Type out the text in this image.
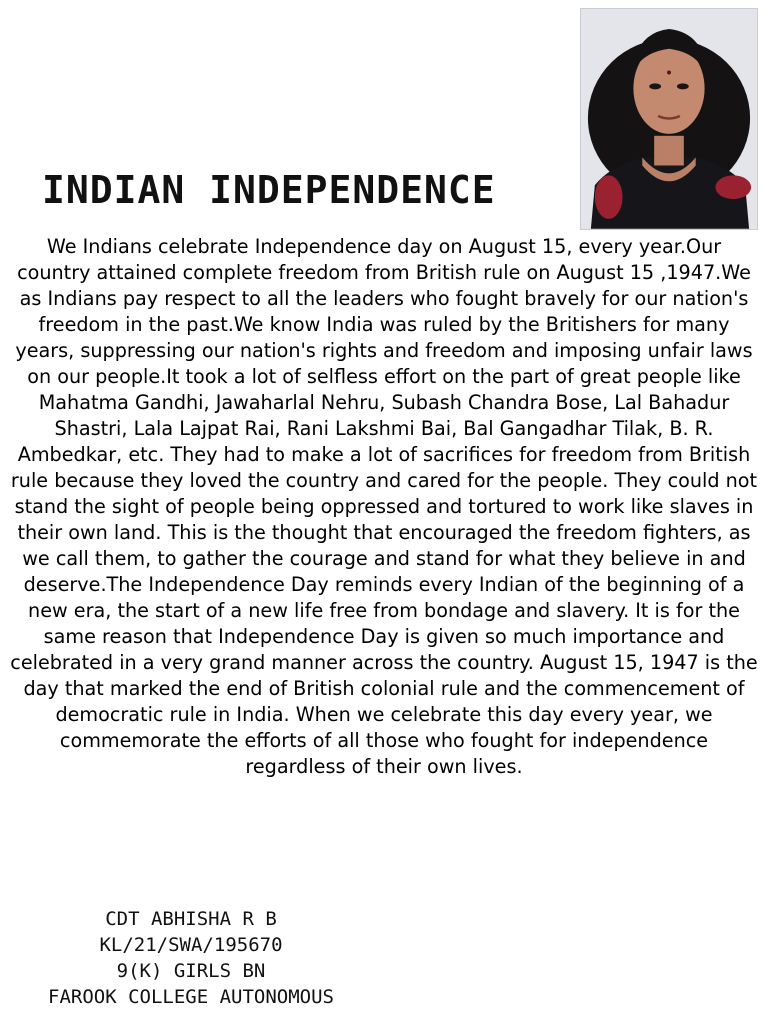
INDIAN INDEPENDENCE
We Indians celebrate Independence day on August 15, every year.Our country attained complete freedom from British rule on August 15 ,1947.We as Indians pay respect to all the leaders who fought bravely for our nation's freedom in the past.We know India was ruled by the Britishers for many years, suppressing our nation's rights and freedom and imposing unfair laws on our people.It took a lot of selfless effort on the part of great people like Mahatma Gandhi, Jawaharlal Nehru, Subash Chandra Bose, Lal Bahadur Shastri, Lala Lajpat Rai, Rani Lakshmi Bai, Bal Gangadhar Tilak, B. R. Ambedkar, etc. They had to make a lot of sacrifices for freedom from British rule because they loved the country and cared for the people. They could not stand the sight of people being oppressed and tortured to work like slaves in their own land. This is the thought that encouraged the freedom fighters, as we call them, to gather the courage and stand for what they believe in and deserve.The Independence Day reminds every Indian of the beginning of a new era, the start of a new life free from bondage and slavery. It is for the same reason that Independence Day is given so much importance and celebrated in a very grand manner across the country. August 15, 1947 is the day that marked the end of British colonial rule and the commencement of democratic rule in India. When we celebrate this day every year, we commemorate the efforts of all those who fought for independence regardless of their own lives.
CDT ABHISHA R B
KL/21/SWA/195670
9(K) GIRLS BN
FAROOK COLLEGE AUTONOMOUS
